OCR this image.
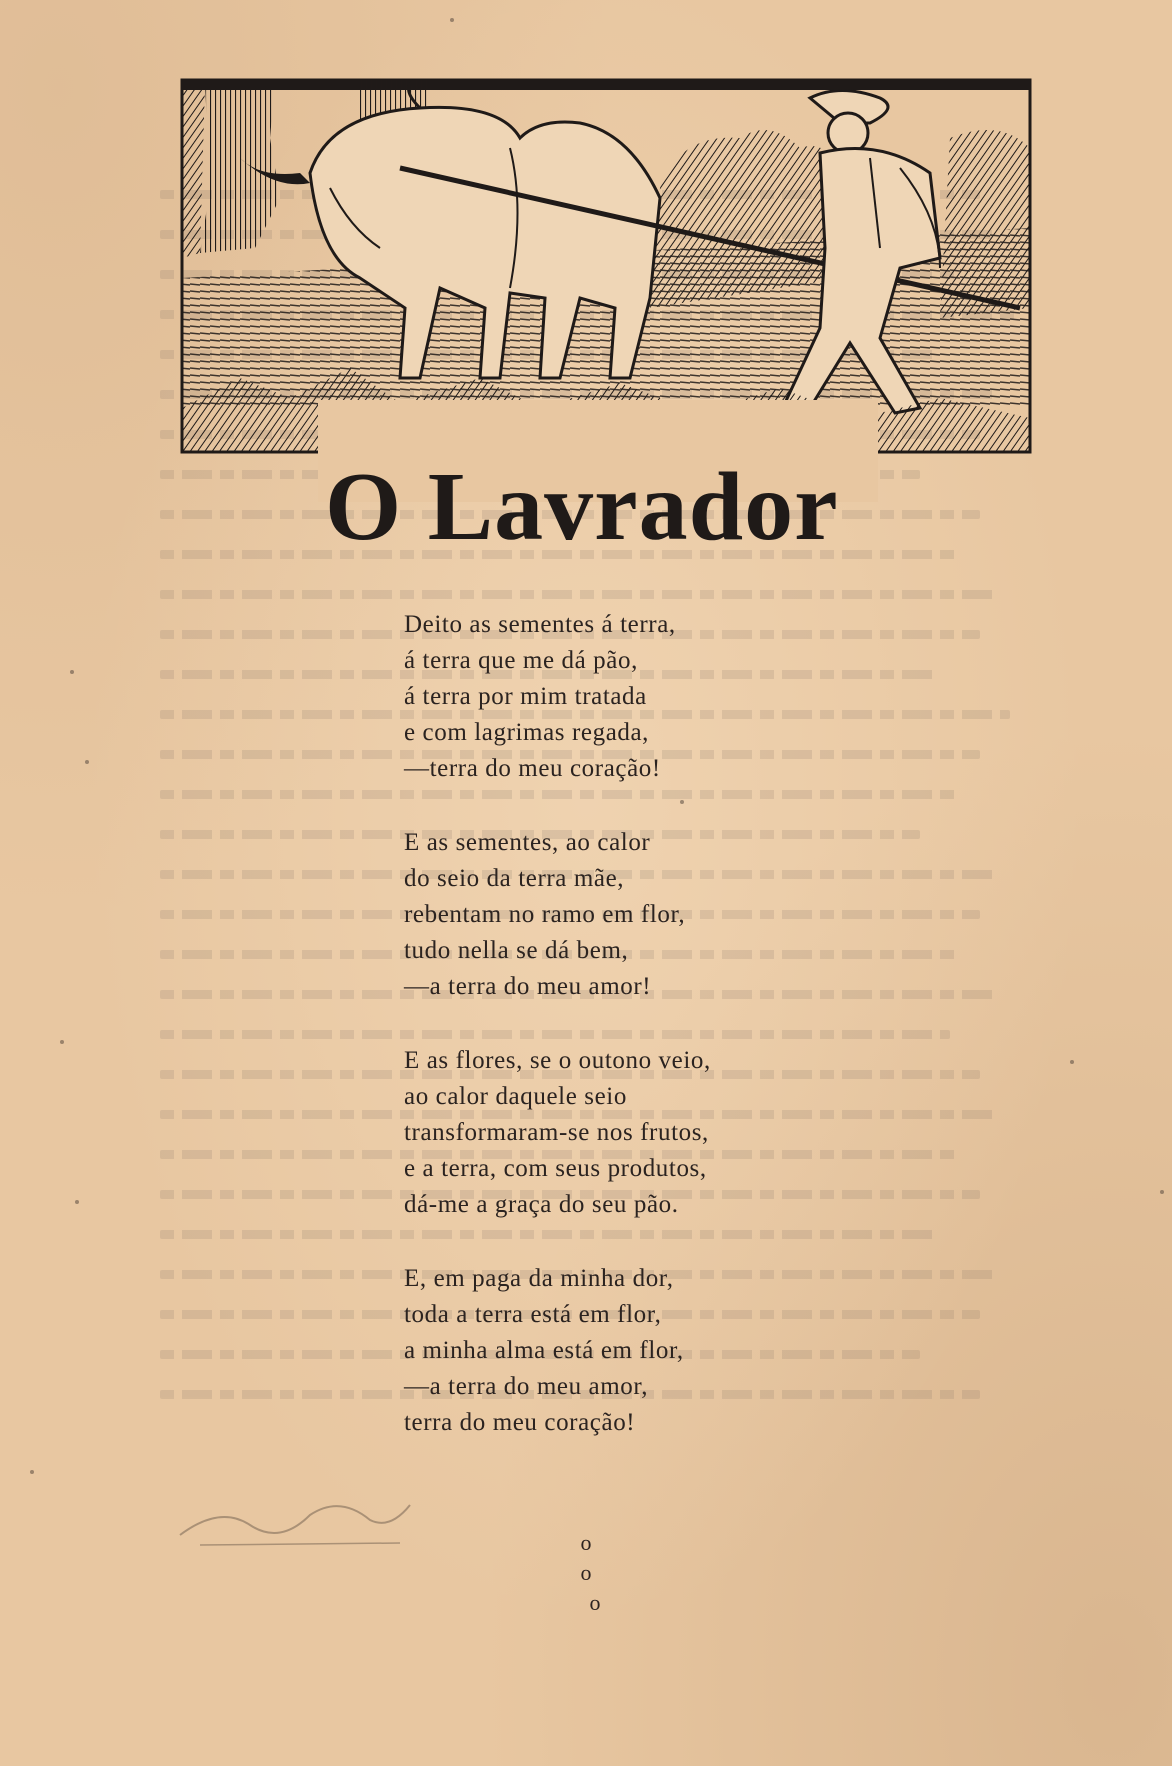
O Lavrador
Deito as sementes á terra,
á terra que me dá pão,
á terra por mim tratada
e com lagrimas regada,
—terra do meu coração!
E as sementes, ao calor
do seio da terra mãe,
rebentam no ramo em flor,
tudo nella se dá bem,
—a terra do meu amor!
E as flores, se o outono veio,
ao calor daquele seio
transformaram-se nos frutos,
e a terra, com seus produtos,
dá-me a graça do seu pão.
E, em paga da minha dor,
toda a terra está em flor,
a minha alma está em flor,
—a terra do meu amor,
terra do meu coração!
o o
o
